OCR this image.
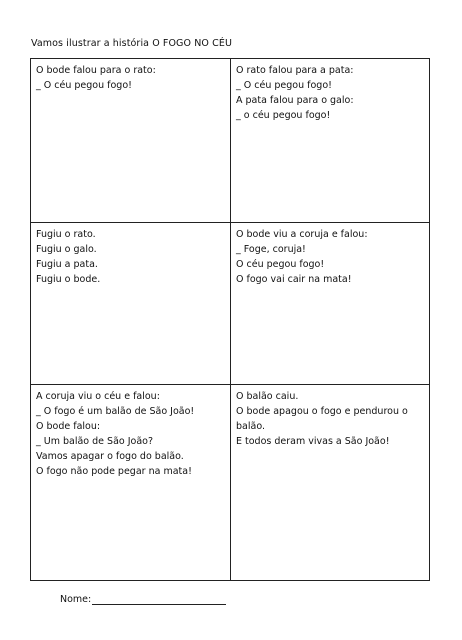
Vamos ilustrar a história O FOGO NO CÉU
O bode falou para o rato:
_ O céu pegou fogo!
O rato falou para a pata:
_ O céu pegou fogo!
A pata falou para o galo:
_ o céu pegou fogo!
Fugiu o rato.
Fugiu o galo.
Fugiu a pata.
Fugiu o bode.
O bode viu a coruja e falou:
_ Foge, coruja!
O céu pegou fogo!
O fogo vai cair na mata!
A coruja viu o céu e falou:
_ O fogo é um balão de São João!
O bode falou:
_ Um balão de São João?
Vamos apagar o fogo do balão.
O fogo não pode pegar na mata!
O balão caiu.
O bode apagou o fogo e pendurou o
balão.
E todos deram vivas a São João!
Nome:
